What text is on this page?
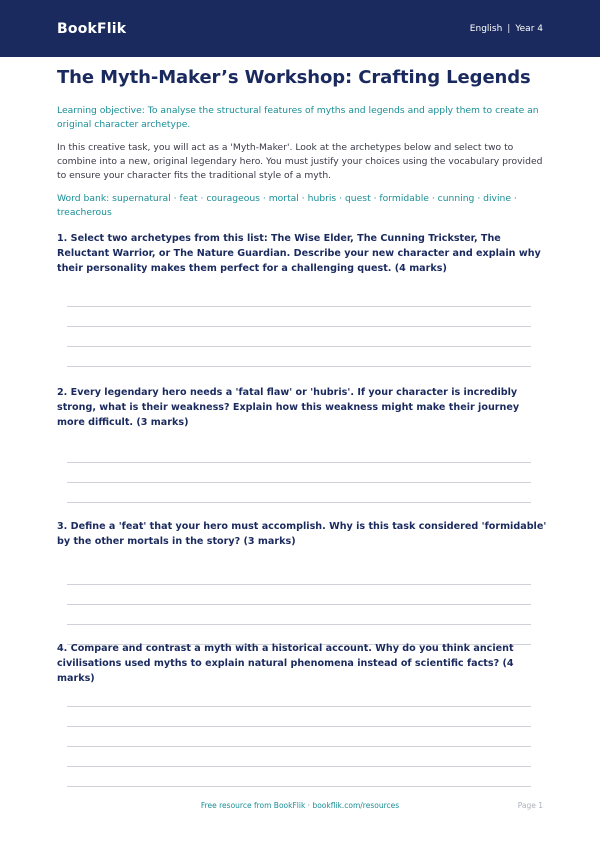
BookFlik	English | Year 4
The Myth-Maker’s Workshop: Crafting Legends
Learning objective: To analyse the structural features of myths and legends and apply them to create an original character archetype.
In this creative task, you will act as a 'Myth-Maker'. Look at the archetypes below and select two to combine into a new, original legendary hero. You must justify your choices using the vocabulary provided to ensure your character fits the traditional style of a myth.
Word bank: supernatural · feat · courageous · mortal · hubris · quest · formidable · cunning · divine · treacherous
1. Select two archetypes from this list: The Wise Elder, The Cunning Trickster, The Reluctant Warrior, or The Nature Guardian. Describe your new character and explain why their personality makes them perfect for a challenging quest. (4 marks)
2. Every legendary hero needs a 'fatal flaw' or 'hubris'. If your character is incredibly strong, what is their weakness? Explain how this weakness might make their journey more difficult. (3 marks)
3. Define a 'feat' that your hero must accomplish. Why is this task considered 'formidable' by the other mortals in the story? (3 marks)
4. Compare and contrast a myth with a historical account. Why do you think ancient civilisations used myths to explain natural phenomena instead of scientific facts? (4 marks)
Free resource from BookFlik · bookflik.com/resources	Page 1
